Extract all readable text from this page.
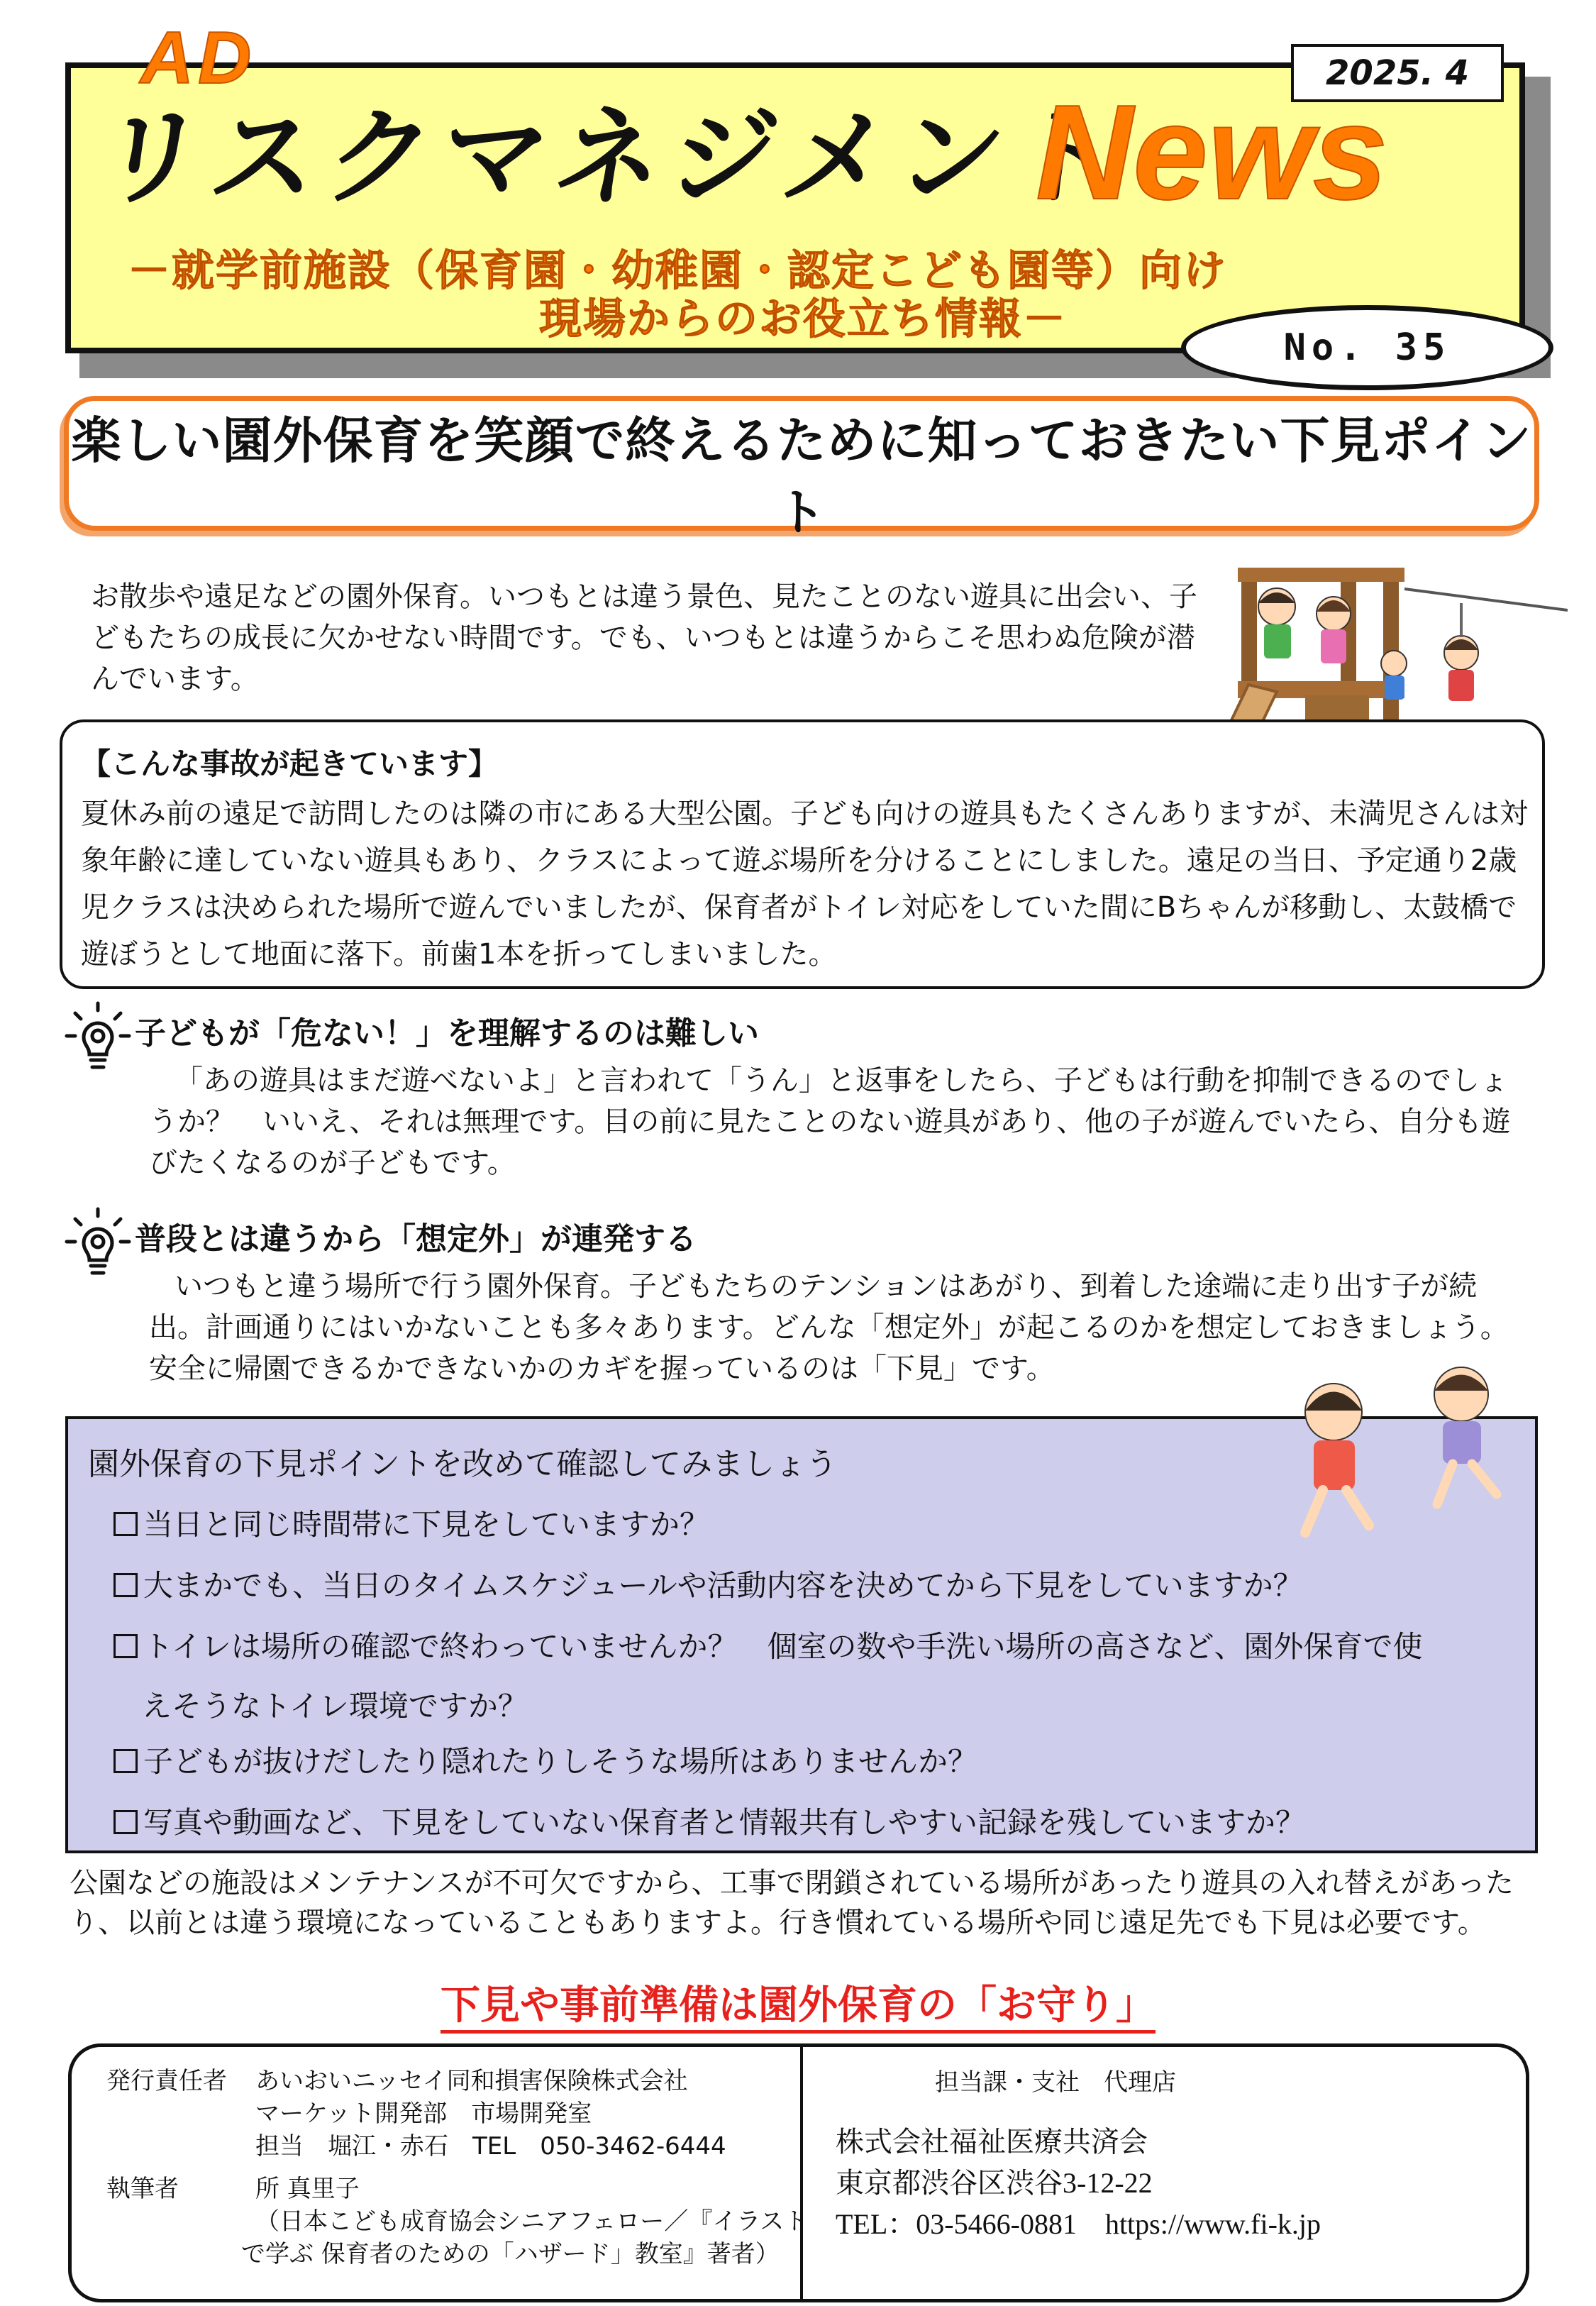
2025. 4
AD
リスクマネジメント
News
－就学前施設（保育園・幼稚園・認定こども園等）向け
現場からのお役立ち情報－
No. 35
楽しい園外保育を笑顔で終えるために知っておきたい下見ポイント
お散歩や遠足などの園外保育。いつもとは違う景色、見たことのない遊具に出会い、子どもたちの成長に欠かせない時間です。でも、いつもとは違うからこそ思わぬ危険が潜んでいます。
【こんな事故が起きています】
夏休み前の遠足で訪問したのは隣の市にある大型公園。子ども向けの遊具もたくさんありますが、未満児さんは対象年齢に達していない遊具もあり、クラスによって遊ぶ場所を分けることにしました。遠足の当日、予定通り2歳児クラスは決められた場所で遊んでいましたが、保育者がトイレ対応をしていた間にBちゃんが移動し、太鼓橋で遊ぼうとして地面に落下。前歯1本を折ってしまいました。
子どもが「危ない！」を理解するのは難しい
「あの遊具はまだ遊べないよ」と言われて「うん」と返事をしたら、子どもは行動を抑制できるのでしょうか？　いいえ、それは無理です。目の前に見たことのない遊具があり、他の子が遊んでいたら、自分も遊びたくなるのが子どもです。
普段とは違うから「想定外」が連発する
いつもと違う場所で行う園外保育。子どもたちのテンションはあがり、到着した途端に走り出す子が続出。計画通りにはいかないことも多々あります。どんな「想定外」が起こるのかを想定しておきましょう。安全に帰園できるかできないかのカギを握っているのは「下見」です。
園外保育の下見ポイントを改めて確認してみましょう
当日と同じ時間帯に下見をしていますか？
大まかでも、当日のタイムスケジュールや活動内容を決めてから下見をしていますか？
トイレは場所の確認で終わっていませんか？　個室の数や手洗い場所の高さなど、園外保育で使
えそうなトイレ環境ですか？
子どもが抜けだしたり隠れたりしそうな場所はありませんか？
写真や動画など、下見をしていない保育者と情報共有しやすい記録を残していますか？
公園などの施設はメンテナンスが不可欠ですから、工事で閉鎖されている場所があったり遊具の入れ替えがあったり、以前とは違う環境になっていることもありますよ。行き慣れている場所や同じ遠足先でも下見は必要です。
下見や事前準備は園外保育の「お守り」
発行責任者 あいおいニッセイ同和損害保険株式会社
マーケット開発部　市場開発室
担当　堀江・赤石　TEL　050-3462-6444
執筆者	所 真里子
（日本こども成育協会シニアフェロー／『イラスト
で学ぶ 保育者のための「ハザード」教室』著者）
担当課・支社　代理店
株式会社福祉医療共済会
東京都渋谷区渋谷3-12-22
TEL：03-5466-0881　https://www.fi-k.jp
